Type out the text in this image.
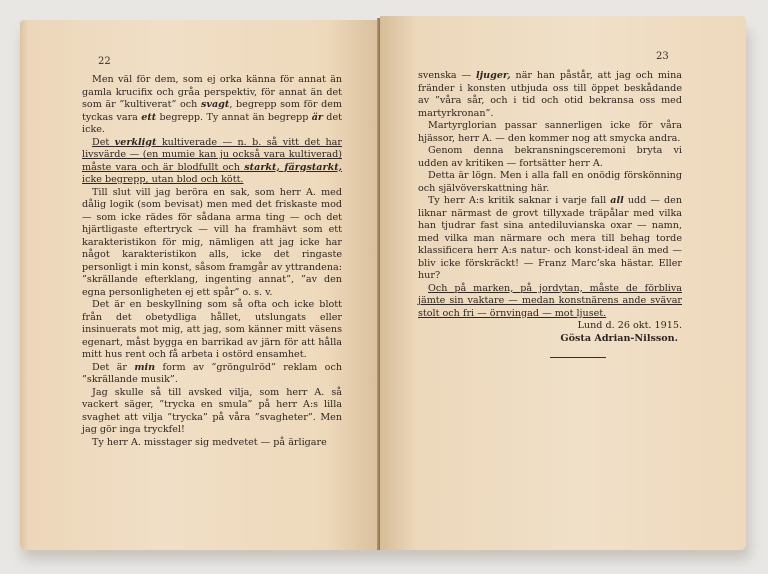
22

Men väl för dem, som ej orka känna för annat än gamla krucifix och gråa perspektiv, för annat än det som är ”kultiverat” och svagt, begrepp som för dem tyckas vara ett begrepp. Ty annat än begrepp är det icke.

Det verkligt kultiverade — n. b. så vitt det har livsvärde — (en mumie kan ju också vara kultiverad) måste vara och är blodfullt och starkt, färgstarkt, icke begrepp, utan blod och kött.

Till slut vill jag beröra en sak, som herr A. med dålig logik (som bevisat) men med det friskaste mod — som icke rädes för sådana arma ting — och det hjärtligaste eftertryck — vill ha framhävt som ett karakteristikon för mig, nämligen att jag icke har något karakteristikon alls, icke det ringaste personligt i min konst, såsom framgår av yttrandena: ”skrällande efterklang, ingenting annat”, ”av den egna personligheten ej ett spår” o. s. v.

Det är en beskyllning som så ofta och icke blott från det obetydliga hållet, utslungats eller insinuerats mot mig, att jag, som känner mitt väsens egenart, måst bygga en barrikad av järn för att hålla mitt hus rent och få arbeta i ostörd ensamhet.

Det är min form av ”gröngulröd” reklam och ”skrällande musik”.

Jag skulle så till avsked vilja, som herr A. så vackert säger, ”trycka en smula” på herr A:s lilla svaghet att vilja ”trycka” på våra ”svagheter”. Men jag gör inga tryckfel!

Ty herr A. misstager sig medvetet — på ärligare

23

svenska — ljuger, när han påstår, att jag och mina fränder i konsten utbjuda oss till öppet beskådande av ”våra sår, och i tid och otid bekransa oss med martyrkronan”.

Martyrglorian passar sannerligen icke för våra hjässor, herr A. — den kommer nog att smycka andra.

Genom denna bekransningsceremoni bryta vi udden av kritiken — fortsätter herr A.

Detta är lögn. Men i alla fall en onödig förskönning och självöverskattning här.

Ty herr A:s kritik saknar i varje fall all udd — den liknar närmast de grovt tillyxade träpålar med vilka han tjudrar fast sina antediluvianska oxar — namn, med vilka man närmare och mera till behag torde klassificera herr A:s natur- och konst-ideal än med — bliv icke förskräckt! — Franz Marc’ska hästar. Eller hur?

Och på marken, på jordytan, måste de förbliva jämte sin vaktare — medan konstnärens ande svävar stolt och fri — örnvingad — mot ljuset.

Lund d. 26 okt. 1915.

Gösta Adrian-Nilsson.
